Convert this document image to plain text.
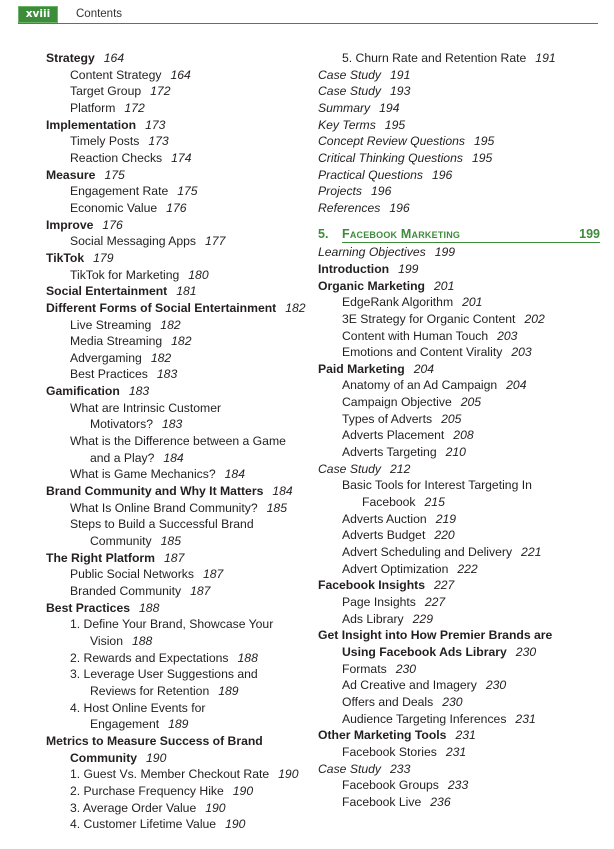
xviii	Contents
Strategy 164
Content Strategy 164
Target Group 172
Platform 172
Implementation 173
Timely Posts 173
Reaction Checks 174
Measure 175
Engagement Rate 175
Economic Value 176
Improve 176
Social Messaging Apps 177
TikTok 179
TikTok for Marketing 180
Social Entertainment 181
Different Forms of Social Entertainment 182
Live Streaming 182
Media Streaming 182
Advergaming 182
Best Practices 183
Gamification 183
What are Intrinsic Customer
Motivators? 183
What is the Difference between a Game
and a Play? 184
What is Game Mechanics? 184
Brand Community and Why It Matters 184
What Is Online Brand Community? 185
Steps to Build a Successful Brand
Community 185
The Right Platform 187
Public Social Networks 187
Branded Community 187
Best Practices 188
1. Define Your Brand, Showcase Your
Vision 188
2. Rewards and Expectations 188
3. Leverage User Suggestions and
Reviews for Retention 189
4. Host Online Events for
Engagement 189
Metrics to Measure Success of Brand
Community 190
1. Guest Vs. Member Checkout Rate 190
2. Purchase Frequency Hike 190
3. Average Order Value 190
4. Customer Lifetime Value 190
5. Churn Rate and Retention Rate 191
Case Study 191
Case Study 193
Summary 194
Key Terms 195
Concept Review Questions 195
Critical Thinking Questions 195
Practical Questions 196
Projects 196
References 196
5. Facebook Marketing	199
Learning Objectives 199
Introduction 199
Organic Marketing 201
EdgeRank Algorithm 201
3E Strategy for Organic Content 202
Content with Human Touch 203
Emotions and Content Virality 203
Paid Marketing 204
Anatomy of an Ad Campaign 204
Campaign Objective 205
Types of Adverts 205
Adverts Placement 208
Adverts Targeting 210
Case Study 212
Basic Tools for Interest Targeting In
Facebook 215
Adverts Auction 219
Adverts Budget 220
Advert Scheduling and Delivery 221
Advert Optimization 222
Facebook Insights 227
Page Insights 227
Ads Library 229
Get Insight into How Premier Brands are
Using Facebook Ads Library 230
Formats 230
Ad Creative and Imagery 230
Offers and Deals 230
Audience Targeting Inferences 231
Other Marketing Tools 231
Facebook Stories 231
Case Study 233
Facebook Groups 233
Facebook Live 236
